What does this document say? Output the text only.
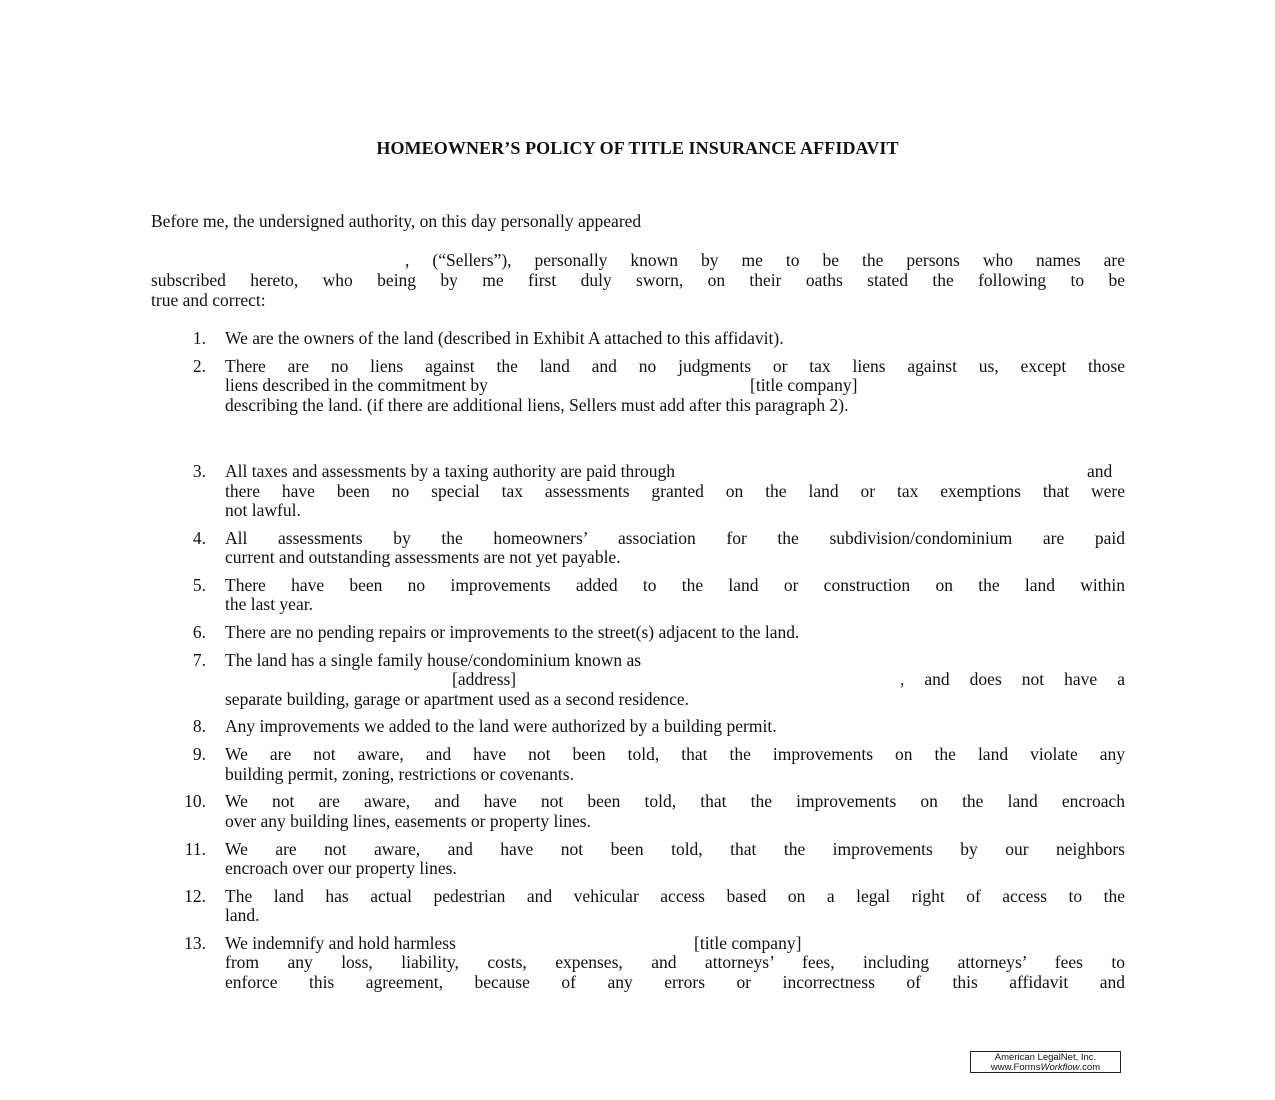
HOMEOWNER’S POLICY OF TITLE INSURANCE AFFIDAVIT
Before me, the undersigned authority, on this day personally appeared
, (“Sellers”), personally known by me to be the persons who names are
subscribed hereto, who being by me first duly sworn, on their oaths stated the following to be
true and correct:
1. We are the owners of the land (described in Exhibit A attached to this affidavit).
2. There are no liens against the land and no judgments or tax liens against us, except those
liens described in the commitment by	[title company]
describing the land. (if there are additional liens, Sellers must add after this paragraph 2).
3. All taxes and assessments by a taxing authority are paid through	and
there have been no special tax assessments granted on the land or tax exemptions that were
not lawful.
4. All assessments by the homeowners’ association for the subdivision/condominium are paid
current and outstanding assessments are not yet payable.
5. There have been no improvements added to the land or construction on the land within
the last year.
6. There are no pending repairs or improvements to the street(s) adjacent to the land.
7. The land has a single family house/condominium known as
[address]	, and does not have a
separate building, garage or apartment used as a second residence.
8. Any improvements we added to the land were authorized by a building permit.
9. We are not aware, and have not been told, that the improvements on the land violate any
building permit, zoning, restrictions or covenants.
10. We not are aware, and have not been told, that the improvements on the land encroach
over any building lines, easements or property lines.
11. We are not aware, and have not been told, that the improvements by our neighbors
encroach over our property lines.
12. The land has actual pedestrian and vehicular access based on a legal right of access to the
land.
13. We indemnify and hold harmless	[title company]
from any loss, liability, costs, expenses, and attorneys’ fees, including attorneys’ fees to
enforce this agreement, because of any errors or incorrectness of this affidavit and
American LegalNet, Inc.
www.FormsWorkflow.com
